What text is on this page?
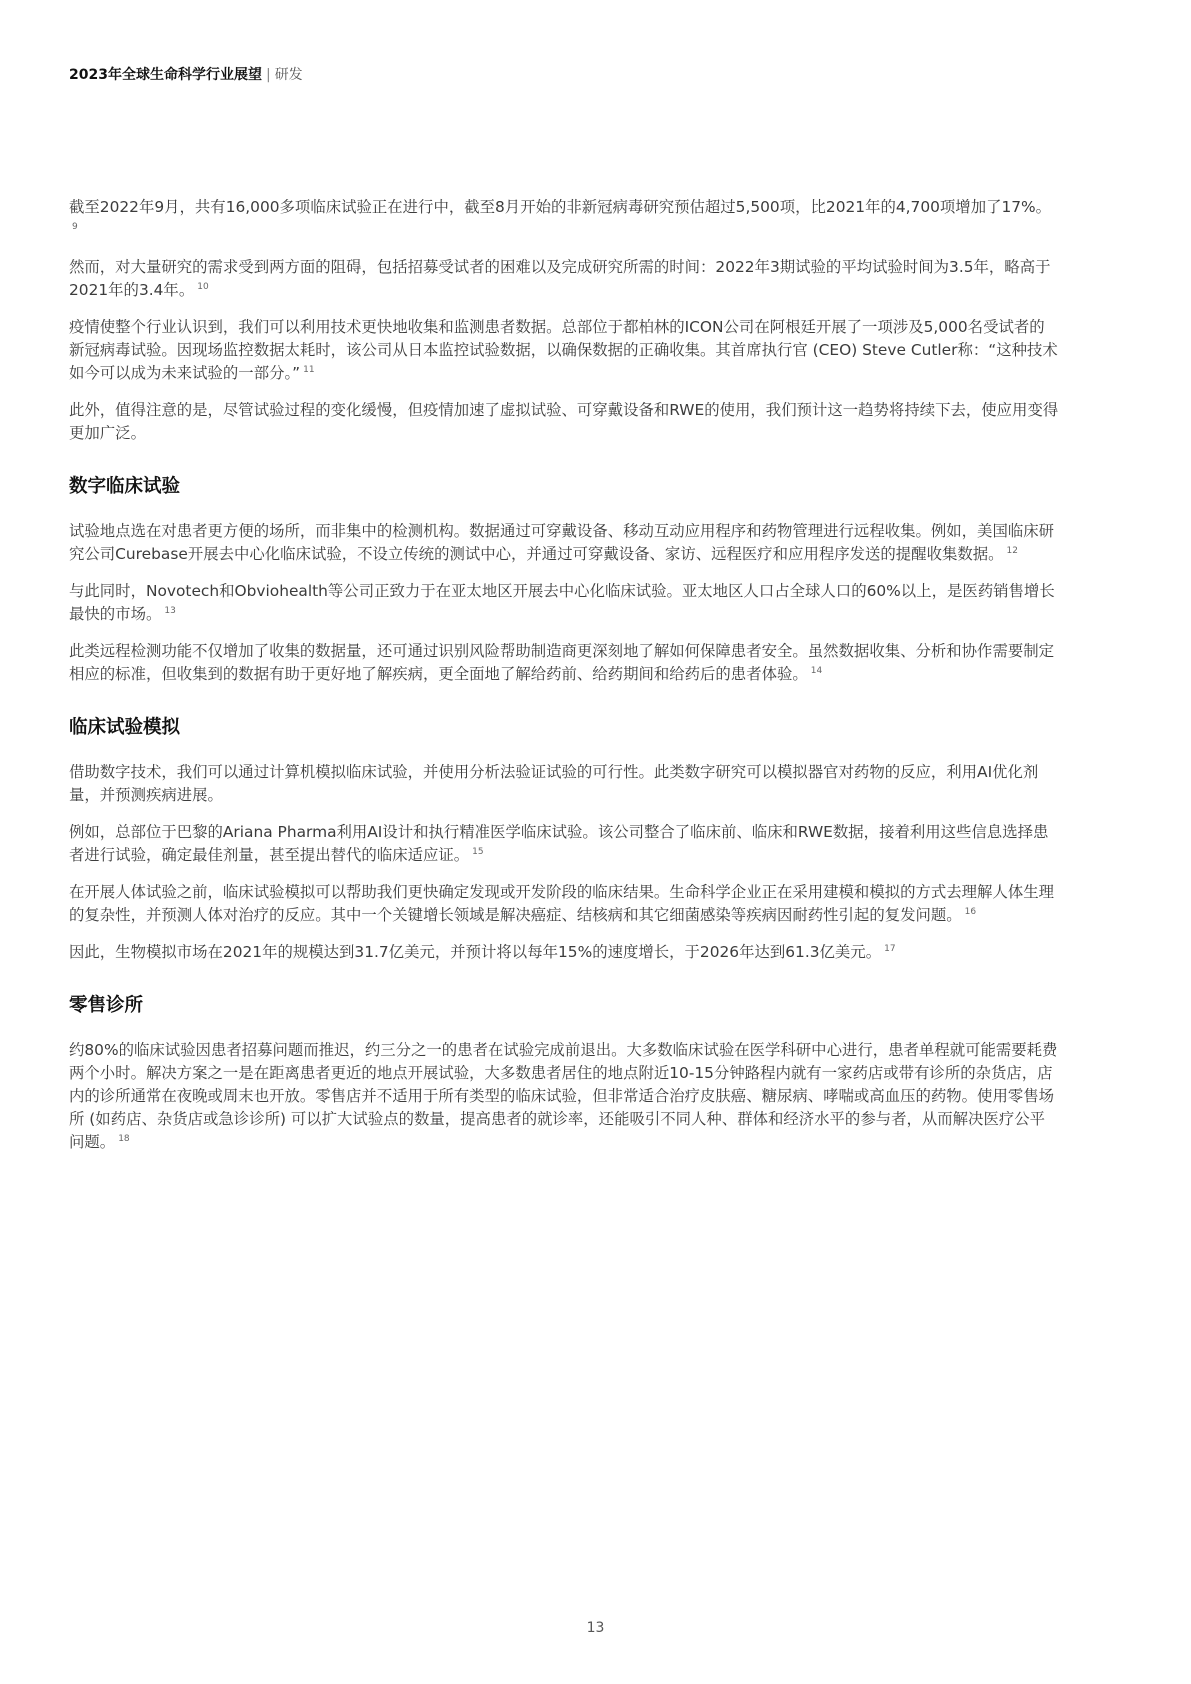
2023年全球生命科学行业展望 | 研发

截至2022年9月，共有16,000多项临床试验正在进行中，截至8月开始的非新冠病毒研究预估超过5,500项，比2021年的4,700项增加了17%。$^9$

然而，对大量研究的需求受到两方面的阻碍，包括招募受试者的困难以及完成研究所需的时间：2022年3期试验的平均试验时间为3.5年，略高于2021年的3.4年。 $^{10}$

疫情使整个行业认识到，我们可以利用技术更快地收集和监测患者数据。总部位于都柏林的ICON公司在阿根廷开展了一项涉及5,000名受试者的新冠病毒试验。因现场监控数据太耗时，该公司从日本监控试验数据，以确保数据的正确收集。其首席执行官 (CEO) Steve Cutler称：“这种技术如今可以成为未来试验的一部分。” $^{11}$

此外，值得注意的是，尽管试验过程的变化缓慢，但疫情加速了虚拟试验、可穿戴设备和RWE的使用，我们预计这一趋势将持续下去，使应用变得更加广泛。

数字临床试验

试验地点选在对患者更方便的场所，而非集中的检测机构。数据通过可穿戴设备、移动互动应用程序和药物管理进行远程收集。例如，美国临床研究公司Curebase开展去中心化临床试验，不设立传统的测试中心，并通过可穿戴设备、家访、远程医疗和应用程序发送的提醒收集数据。 $^{12}$

与此同时，Novotech和Obviohealth等公司正致力于在亚太地区开展去中心化临床试验。亚太地区人口占全球人口的60%以上，是医药销售增长最快的市场。 $^{13}$

此类远程检测功能不仅增加了收集的数据量，还可通过识别风险帮助制造商更深刻地了解如何保障患者安全。虽然数据收集、分析和协作需要制定相应的标准，但收集到的数据有助于更好地了解疾病，更全面地了解给药前、给药期间和给药后的患者体验。 $^{14}$

临床试验模拟

借助数字技术，我们可以通过计算机模拟临床试验，并使用分析法验证试验的可行性。此类数字研究可以模拟器官对药物的反应，利用AI优化剂量，并预测疾病进展。

例如，总部位于巴黎的Ariana Pharma利用AI设计和执行精准医学临床试验。该公司整合了临床前、临床和RWE数据，接着利用这些信息选择患者进行试验，确定最佳剂量，甚至提出替代的临床适应证。 $^{15}$

在开展人体试验之前，临床试验模拟可以帮助我们更快确定发现或开发阶段的临床结果。生命科学企业正在采用建模和模拟的方式去理解人体生理的复杂性，并预测人体对治疗的反应。其中一个关键增长领域是解决癌症、结核病和其它细菌感染等疾病因耐药性引起的复发问题。 $^{16}$

因此，生物模拟市场在2021年的规模达到31.7亿美元，并预计将以每年15%的速度增长，于2026年达到61.3亿美元。 $^{17}$

零售诊所

约80%的临床试验因患者招募问题而推迟，约三分之一的患者在试验完成前退出。大多数临床试验在医学科研中心进行，患者单程就可能需要耗费两个小时。解决方案之一是在距离患者更近的地点开展试验，大多数患者居住的地点附近10-15分钟路程内就有一家药店或带有诊所的杂货店，店内的诊所通常在夜晚或周末也开放。零售店并不适用于所有类型的临床试验，但非常适合治疗皮肤癌、糖尿病、哮喘或高血压的药物。使用零售场所 (如药店、杂货店或急诊诊所) 可以扩大试验点的数量，提高患者的就诊率，还能吸引不同人种、群体和经济水平的参与者，从而解决医疗公平问题。 $^{18}$

13
